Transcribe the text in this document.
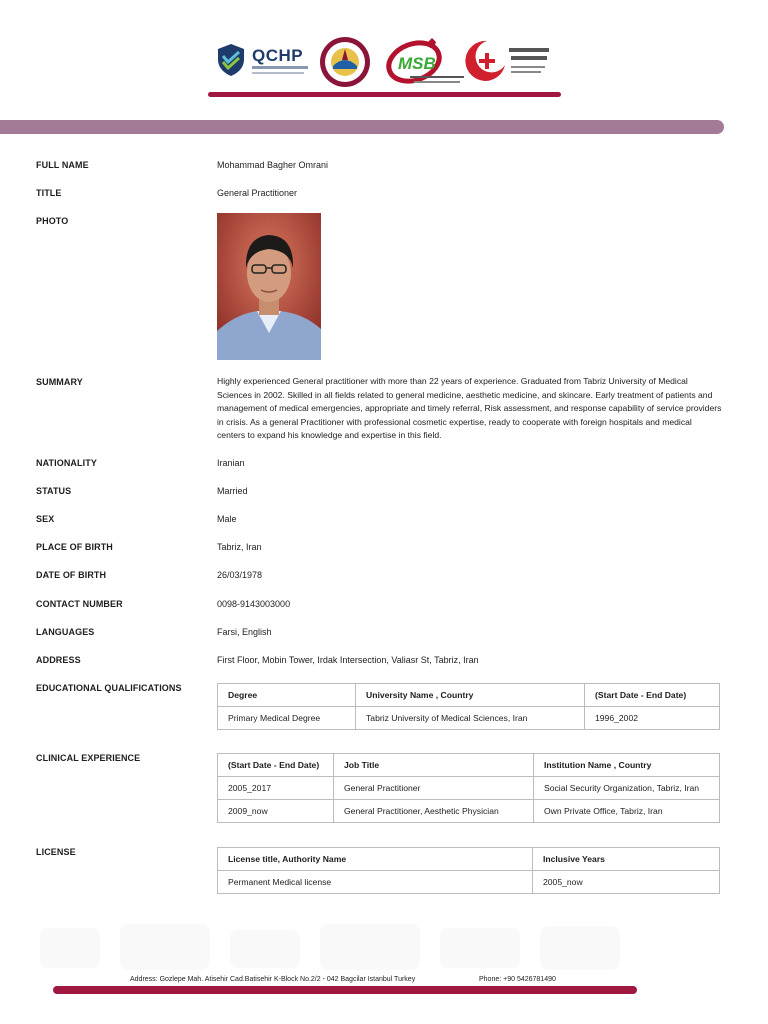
QCHP	MSB
FULL NAME	Mohammad Bagher Omrani
TITLE	General Practitioner
PHOTO
SUMMARY	Highly experienced General practitioner with more than 22 years of experience. Graduated from Tabriz University of Medical Sciences in 2002. Skilled in all fields related to general medicine, aesthetic medicine, and skincare. Early treatment of patients and management of medical emergencies, appropriate and timely referral, Risk assessment, and response capability of service providers in crisis. As a general Practitioner with professional cosmetic expertise, ready to cooperate with foreign hospitals and medical centers to expand his knowledge and expertise in this field.
NATIONALITY	Iranian
STATUS	Married
SEX	Male
PLACE OF BIRTH	Tabriz, Iran
DATE OF BIRTH	26/03/1978
CONTACT NUMBER	0098-9143003000
LANGUAGES	Farsi, English
ADDRESS	First Floor, Mobin Tower, Irdak Intersection, Valiasr St, Tabriz, Iran
EDUCATIONAL QUALIFICATIONS
Degree	University Name , Country	(Start Date - End Date)
Primary Medical Degree	Tabriz University of Medical Sciences, Iran	1996_2002
CLINICAL EXPERIENCE
(Start Date - End Date)	Job Title	Institution Name , Country
2005_2017	General Practitioner	Social Security Organization, Tabriz, Iran
2009_now	General Practitioner, Aesthetic Physician	Own Private Office, Tabriz, Iran
LICENSE
License title, Authority Name	Inclusive Years
Permanent Medical license	2005_now
Address: Gozlepe Mah. Atisehir Cad.Batisehir K-Block No.2/2 - 042 Bagcilar Istanbul Turkey	Phone: +90 5426781490
